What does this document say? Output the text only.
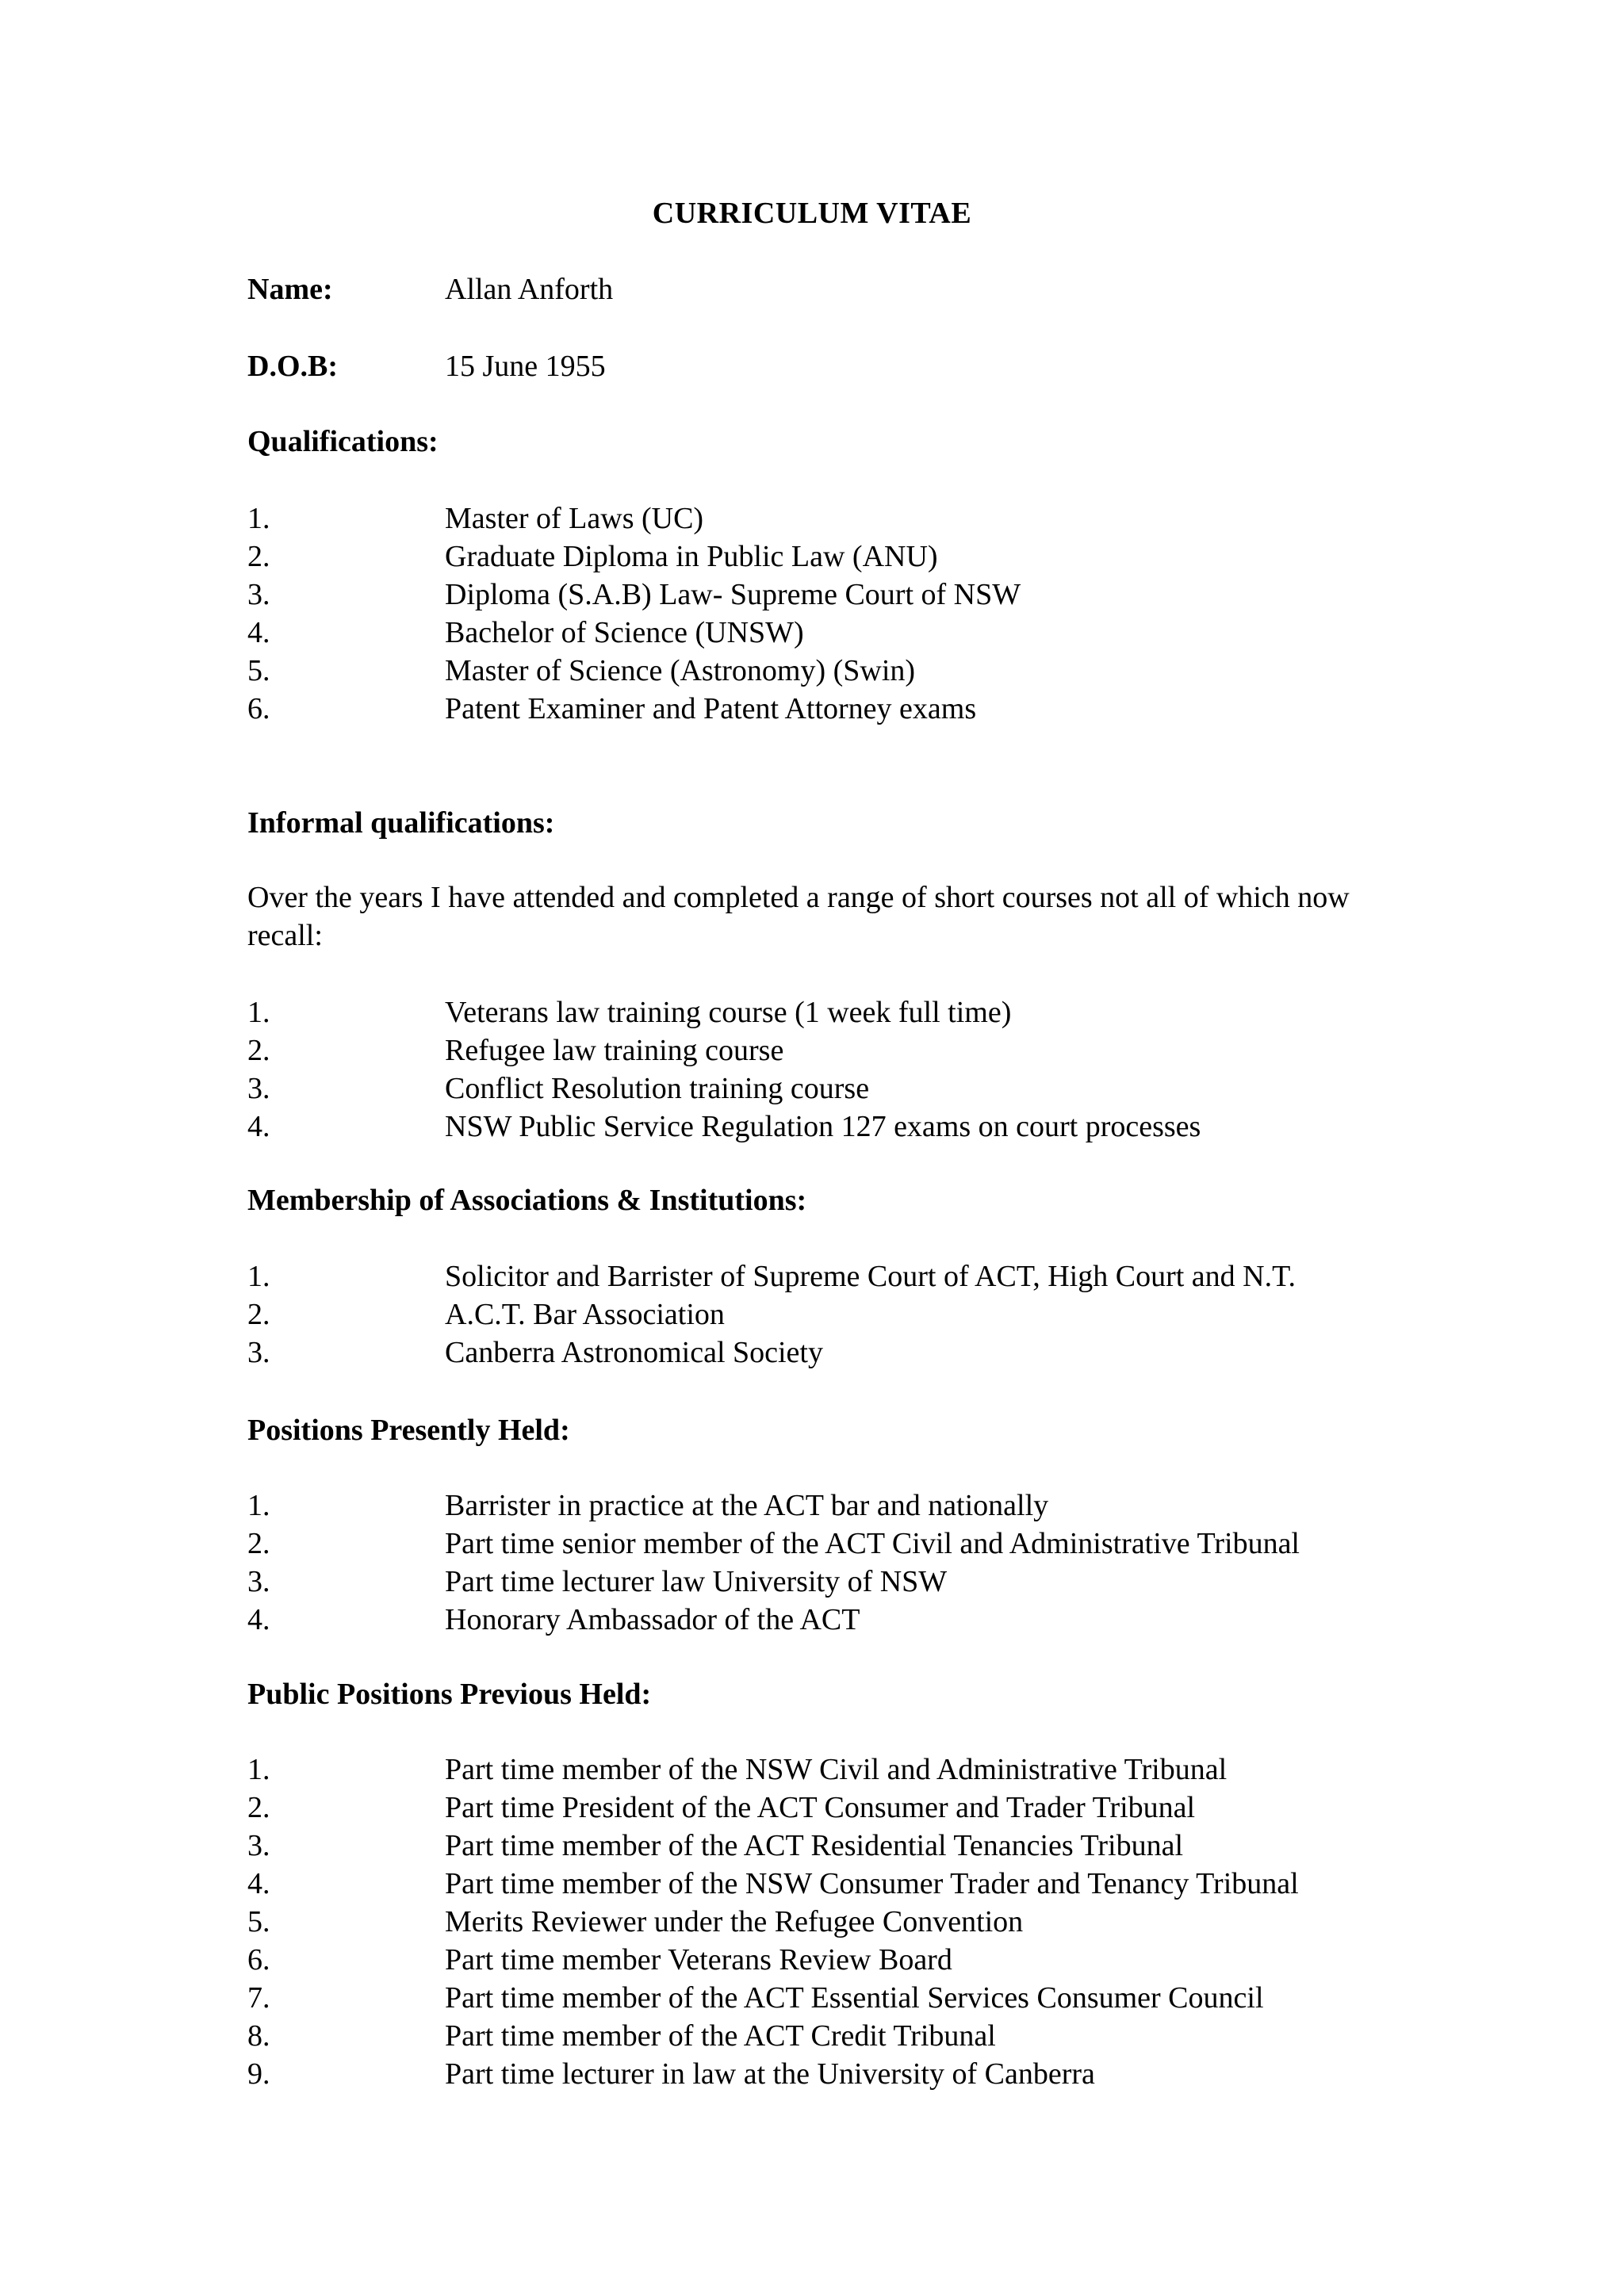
CURRICULUM VITAE
Name:	Allan Anforth
D.O.B:	15 June 1955
Qualifications:
1.	Master of Laws (UC)
2.	Graduate Diploma in Public Law (ANU)
3.	Diploma (S.A.B) Law- Supreme Court of NSW
4.	Bachelor of Science (UNSW)
5.	Master of Science (Astronomy) (Swin)
6.	Patent Examiner and Patent Attorney exams
Informal qualifications:
Over the years I have attended and completed a range of short courses not all of which now recall:
1.	Veterans law training course (1 week full time)
2.	Refugee law training course
3.	Conflict Resolution training course
4.	NSW Public Service Regulation 127 exams on court processes
Membership of Associations & Institutions:
1.	Solicitor and Barrister of Supreme Court of ACT, High Court and N.T.
2.	A.C.T. Bar Association
3.	Canberra Astronomical Society
Positions Presently Held:
1.	Barrister in practice at the ACT bar and nationally
2.	Part time senior member of the ACT Civil and Administrative Tribunal
3.	Part time lecturer law University of NSW
4.	Honorary Ambassador of the ACT
Public Positions Previous Held:
1.	Part time member of the NSW Civil and Administrative Tribunal
2.	Part time President of the ACT Consumer and Trader Tribunal
3.	Part time member of the ACT Residential Tenancies Tribunal
4.	Part time member of the NSW Consumer Trader and Tenancy Tribunal
5.	Merits Reviewer under the Refugee Convention
6.	Part time member Veterans Review Board
7.	Part time member of the ACT Essential Services Consumer Council
8.	Part time member of the ACT Credit Tribunal
9.	Part time lecturer in law at the University of Canberra
